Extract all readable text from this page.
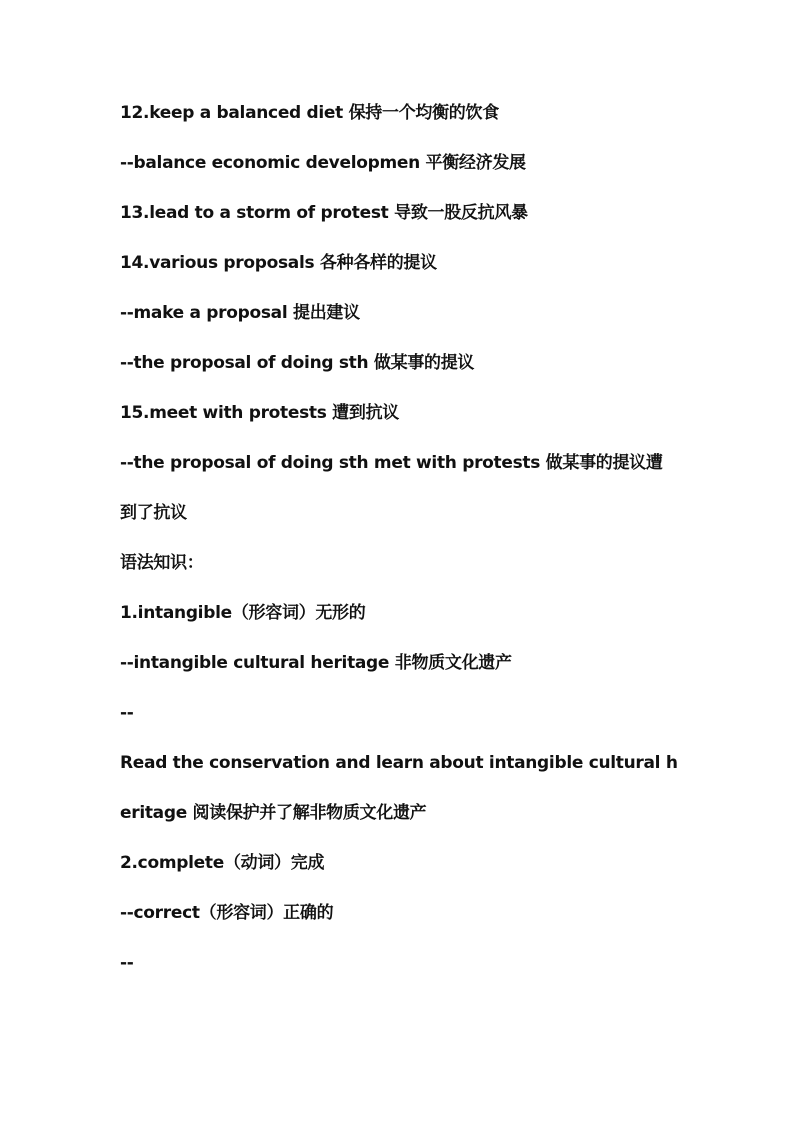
12.keep a balanced diet 保持一个均衡的饮食
--balance economic developmen 平衡经济发展
13.lead to a storm of protest 导致一股反抗风暴
14.various proposals 各种各样的提议
--make a proposal 提出建议
--the proposal of doing sth 做某事的提议
15.meet with protests 遭到抗议
--the proposal of doing sth met with protests 做某事的提议遭
到了抗议
语法知识：
1.intangible（形容词）无形的
--intangible cultural heritage 非物质文化遗产
--
Read the conservation and learn about intangible cultural h
eritage 阅读保护并了解非物质文化遗产
2.complete（动词）完成
--correct（形容词）正确的
--
